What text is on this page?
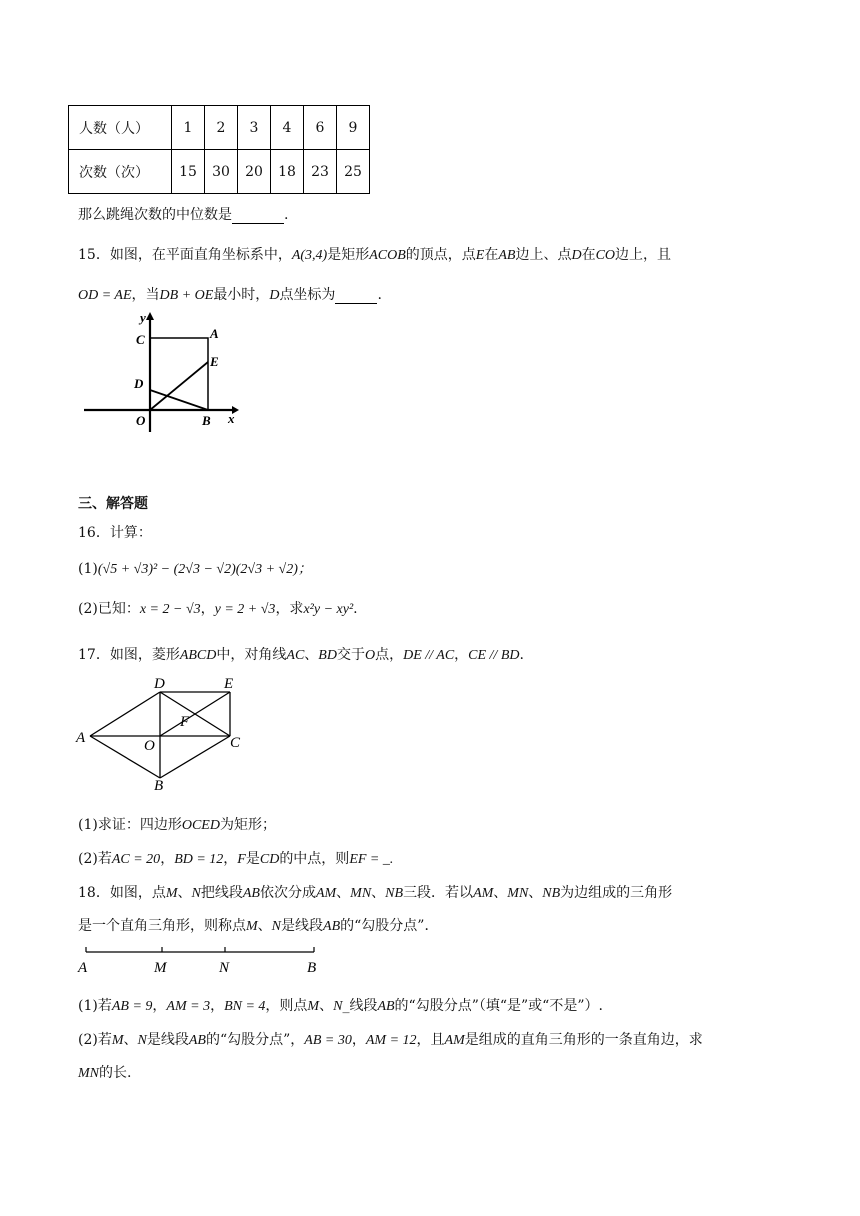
人数（人）	1	2	3	4	6	9
次数（次）	15	30	20	18	23	25
那么跳绳次数的中位数是	.
15．如图，在平面直角坐标系中，A(3,4)是矩形ACOB的顶点，点E在AB边上、点D在CO边上，且
OD = AE，当DB + OE最小时，D点坐标为	.
y
x
C	A
E
D
O	B
三、解答题
16．计算：
(1)(√5 + √3)² − (2√3 − √2)(2√3 + √2)；
(2)已知：x = 2 − √3，y = 2 + √3，求x²y − xy².
17．如图，菱形ABCD中，对角线AC、BD交于O点，DE // AC，CE // BD.
A
B
C
D	E
F
O
(1)求证：四边形OCED为矩形；
(2)若AC = 20，BD = 12，F是CD的中点，则EF = _.
18．如图，点M、N把线段AB依次分成AM、MN、NB三段．若以AM、MN、NB为边组成的三角形
是一个直角三角形，则称点M、N是线段AB的“勾股分点”．
A	M	N	B
(1)若AB = 9，AM = 3，BN = 4，则点M、N_线段AB的“勾股分点”（填“是”或“不是”）.
(2)若M、N是线段AB的“勾股分点”，AB = 30，AM = 12，且AM是组成的直角三角形的一条直角边，求
MN的长.
